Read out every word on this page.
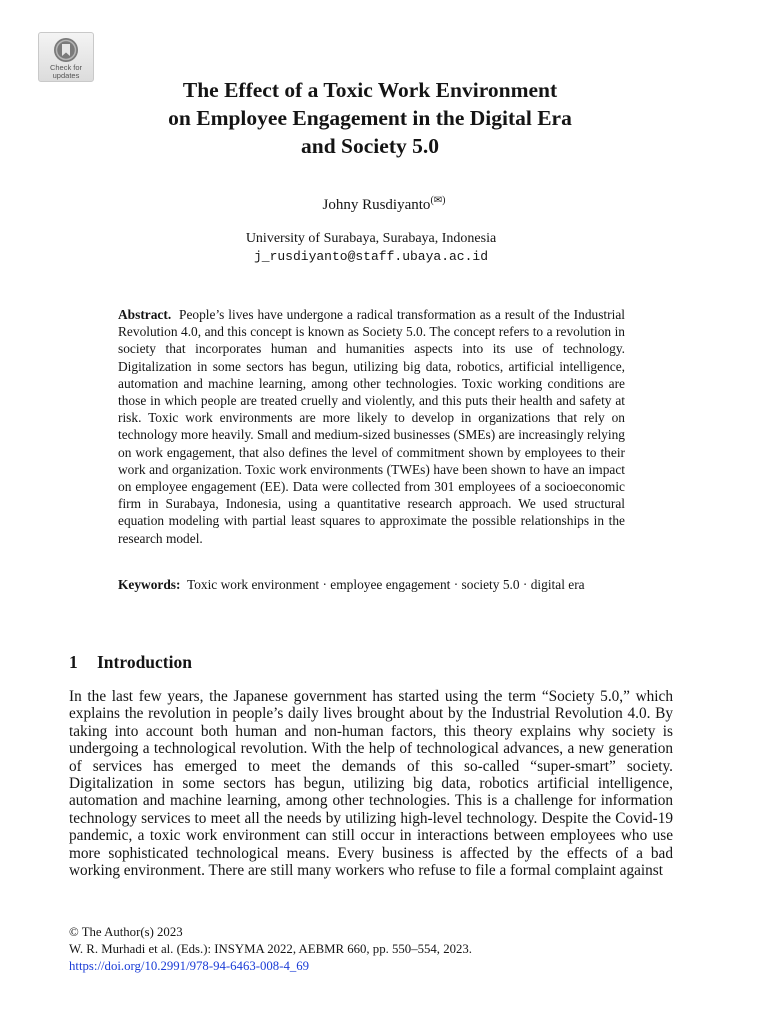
Check for updates
The Effect of a Toxic Work Environment
on Employee Engagement in the Digital Era
and Society 5.0
Johny Rusdiyanto(✉)
University of Surabaya, Surabaya, Indonesia
j_rusdiyanto@staff.ubaya.ac.id
Abstract. People’s lives have undergone a radical transformation as a result of the Industrial Revolution 4.0, and this concept is known as Society 5.0. The concept refers to a revolution in society that incorporates human and humanities aspects into its use of technology. Digitalization in some sectors has begun, utilizing big data, robotics, artificial intelligence, automation and machine learning, among other technologies. Toxic working conditions are those in which people are treated cruelly and violently, and this puts their health and safety at risk. Toxic work environments are more likely to develop in organizations that rely on technology more heavily. Small and medium-sized businesses (SMEs) are increasingly relying on work engagement, that also defines the level of commitment shown by employees to their work and organization. Toxic work environments (TWEs) have been shown to have an impact on employee engagement (EE). Data were collected from 301 employees of a socioeconomic firm in Surabaya, Indonesia, using a quantitative research approach. We used structural equation modeling with partial least squares to approximate the possible relationships in the research model.
Keywords: Toxic work environment · employee engagement · society 5.0 · digital era
1 Introduction
In the last few years, the Japanese government has started using the term “Society 5.0,” which explains the revolution in people’s daily lives brought about by the Industrial Revolution 4.0. By taking into account both human and non-human factors, this theory explains why society is undergoing a technological revolution. With the help of technological advances, a new generation of services has emerged to meet the demands of this so-called “super-smart” society. Digitalization in some sectors has begun, utilizing big data, robotics artificial intelligence, automation and machine learning, among other technologies. This is a challenge for information technology services to meet all the needs by utilizing high-level technology. Despite the Covid-19 pandemic, a toxic work environment can still occur in interactions between employees who use more sophisticated technological means. Every business is affected by the effects of a bad working environment. There are still many workers who refuse to file a formal complaint against
© The Author(s) 2023
W. R. Murhadi et al. (Eds.): INSYMA 2022, AEBMR 660, pp. 550–554, 2023.
https://doi.org/10.2991/978-94-6463-008-4_69
